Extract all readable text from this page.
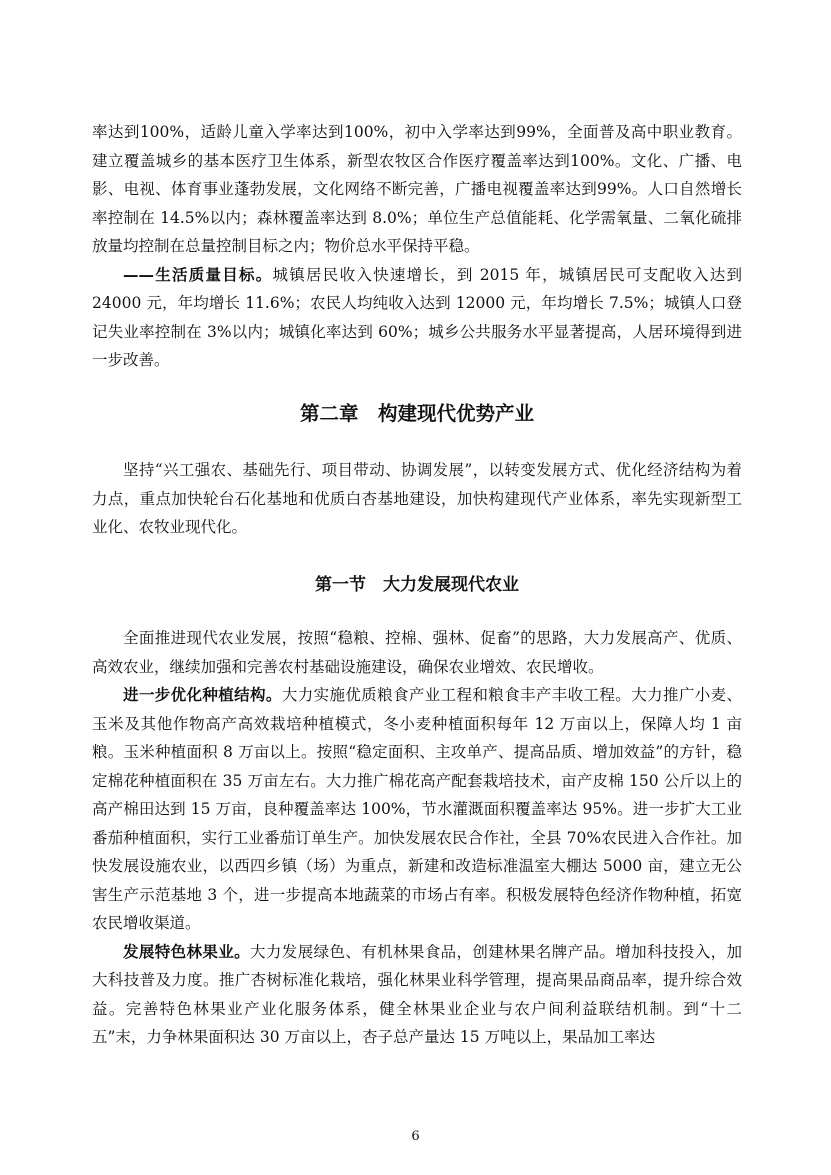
率达到100%，适龄儿童入学率达到100%，初中入学率达到99%，全面普及高中职业教育。建立覆盖城乡的基本医疗卫生体系，新型农牧区合作医疗覆盖率达到100%。文化、广播、电影、电视、体育事业蓬勃发展，文化网络不断完善，广播电视覆盖率达到99%。人口自然增长率控制在 14.5%以内；森林覆盖率达到 8.0%；单位生产总值能耗、化学需氧量、二氧化硫排放量均控制在总量控制目标之内；物价总水平保持平稳。

——生活质量目标。城镇居民收入快速增长，到 2015 年，城镇居民可支配收入达到 24000 元，年均增长 11.6%；农民人均纯收入达到 12000 元，年均增长 7.5%；城镇人口登记失业率控制在 3%以内；城镇化率达到 60%；城乡公共服务水平显著提高，人居环境得到进一步改善。

第二章　构建现代优势产业

坚持“兴工强农、基础先行、项目带动、协调发展”，以转变发展方式、优化经济结构为着力点，重点加快轮台石化基地和优质白杏基地建设，加快构建现代产业体系，率先实现新型工业化、农牧业现代化。

第一节　大力发展现代农业

全面推进现代农业发展，按照“稳粮、控棉、强林、促畜”的思路，大力发展高产、优质、高效农业，继续加强和完善农村基础设施建设，确保农业增效、农民增收。

进一步优化种植结构。大力实施优质粮食产业工程和粮食丰产丰收工程。大力推广小麦、玉米及其他作物高产高效栽培种植模式，冬小麦种植面积每年 12 万亩以上，保障人均 1 亩粮。玉米种植面积 8 万亩以上。按照“稳定面积、主攻单产、提高品质、增加效益”的方针，稳定棉花种植面积在 35 万亩左右。大力推广棉花高产配套栽培技术，亩产皮棉 150 公斤以上的高产棉田达到 15 万亩，良种覆盖率达 100%，节水灌溉面积覆盖率达 95%。进一步扩大工业番茄种植面积，实行工业番茄订单生产。加快发展农民合作社，全县 70%农民进入合作社。加快发展设施农业，以西四乡镇（场）为重点，新建和改造标准温室大棚达 5000 亩，建立无公害生产示范基地 3 个，进一步提高本地蔬菜的市场占有率。积极发展特色经济作物种植，拓宽农民增收渠道。

发展特色林果业。大力发展绿色、有机林果食品，创建林果名牌产品。增加科技投入，加大科技普及力度。推广杏树标准化栽培，强化林果业科学管理，提高果品商品率，提升综合效益。完善特色林果业产业化服务体系，健全林果业企业与农户间利益联结机制。到“十二五”末，力争林果面积达 30 万亩以上，杏子总产量达 15 万吨以上，果品加工率达

6
